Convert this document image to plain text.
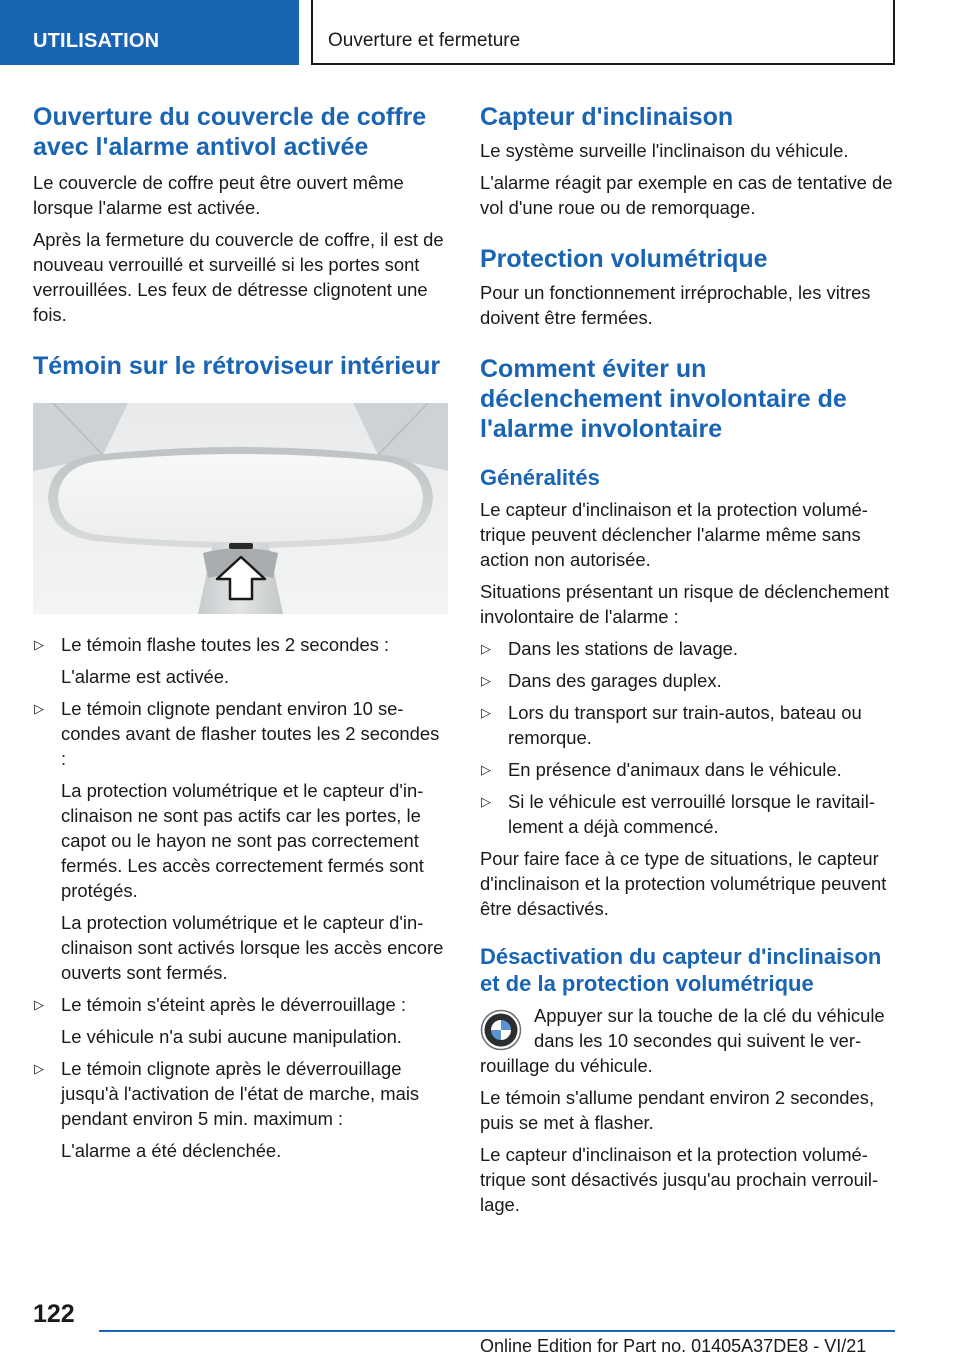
UTILISATION	Ouverture et fermeture
Ouverture du couvercle de coffre avec l'alarme antivol activée

Le couvercle de coffre peut être ouvert même lorsque l'alarme est activée.

Après la fermeture du couvercle de coffre, il est de nouveau verrouillé et surveillé si les portes sont verrouillées. Les feux de détresse clignotent une fois.

Témoin sur le rétroviseur intérieur
▷ Le témoin flashe toutes les 2 secondes :

L'alarme est activée.

▷ Le témoin clignote pendant environ 10 secondes avant de flasher toutes les 2 secondes :

La protection volumétrique et le capteur d'inclinaison ne sont pas actifs car les portes, le capot ou le hayon ne sont pas correctement fermés. Les accès correctement fermés sont protégés.

La protection volumétrique et le capteur d'inclinaison sont activés lorsque les accès encore ouverts sont fermés.

▷ Le témoin s'éteint après le déverrouillage :

Le véhicule n'a subi aucune manipulation.

▷ Le témoin clignote après le déverrouillage jusqu'à l'activation de l'état de marche, mais pendant environ 5 min. maximum :

L'alarme a été déclenchée.

Capteur d'inclinaison

Le système surveille l'inclinaison du véhicule.

L'alarme réagit par exemple en cas de tentative de vol d'une roue ou de remorquage.

Protection volumétrique

Pour un fonctionnement irréprochable, les vitres doivent être fermées.

Comment éviter un déclenchement involontaire de l'alarme involontaire
Généralités

Le capteur d'inclinaison et la protection volumétrique peuvent déclencher l'alarme même sans action non autorisée.

Situations présentant un risque de déclenchement involontaire de l'alarme :

▷ Dans les stations de lavage.
▷ Dans des garages duplex.
▷ Lors du transport sur train-autos, bateau ou remorque.
▷ En présence d'animaux dans le véhicule.
▷ Si le véhicule est verrouillé lorsque le ravitaillement a déjà commencé.

Pour faire face à ce type de situations, le capteur d'inclinaison et la protection volumétrique peuvent être désactivés.

Désactivation du capteur d'inclinaison et de la protection volumétrique

Appuyer sur la touche de la clé du véhicule dans les 10 secondes qui suivent le verrouillage du véhicule.

Le témoin s'allume pendant environ 2 secondes, puis se met à flasher.

Le capteur d'inclinaison et la protection volumétrique sont désactivés jusqu'au prochain verrouillage.

122
Online Edition for Part no. 01405A37DE8 - VI/21
